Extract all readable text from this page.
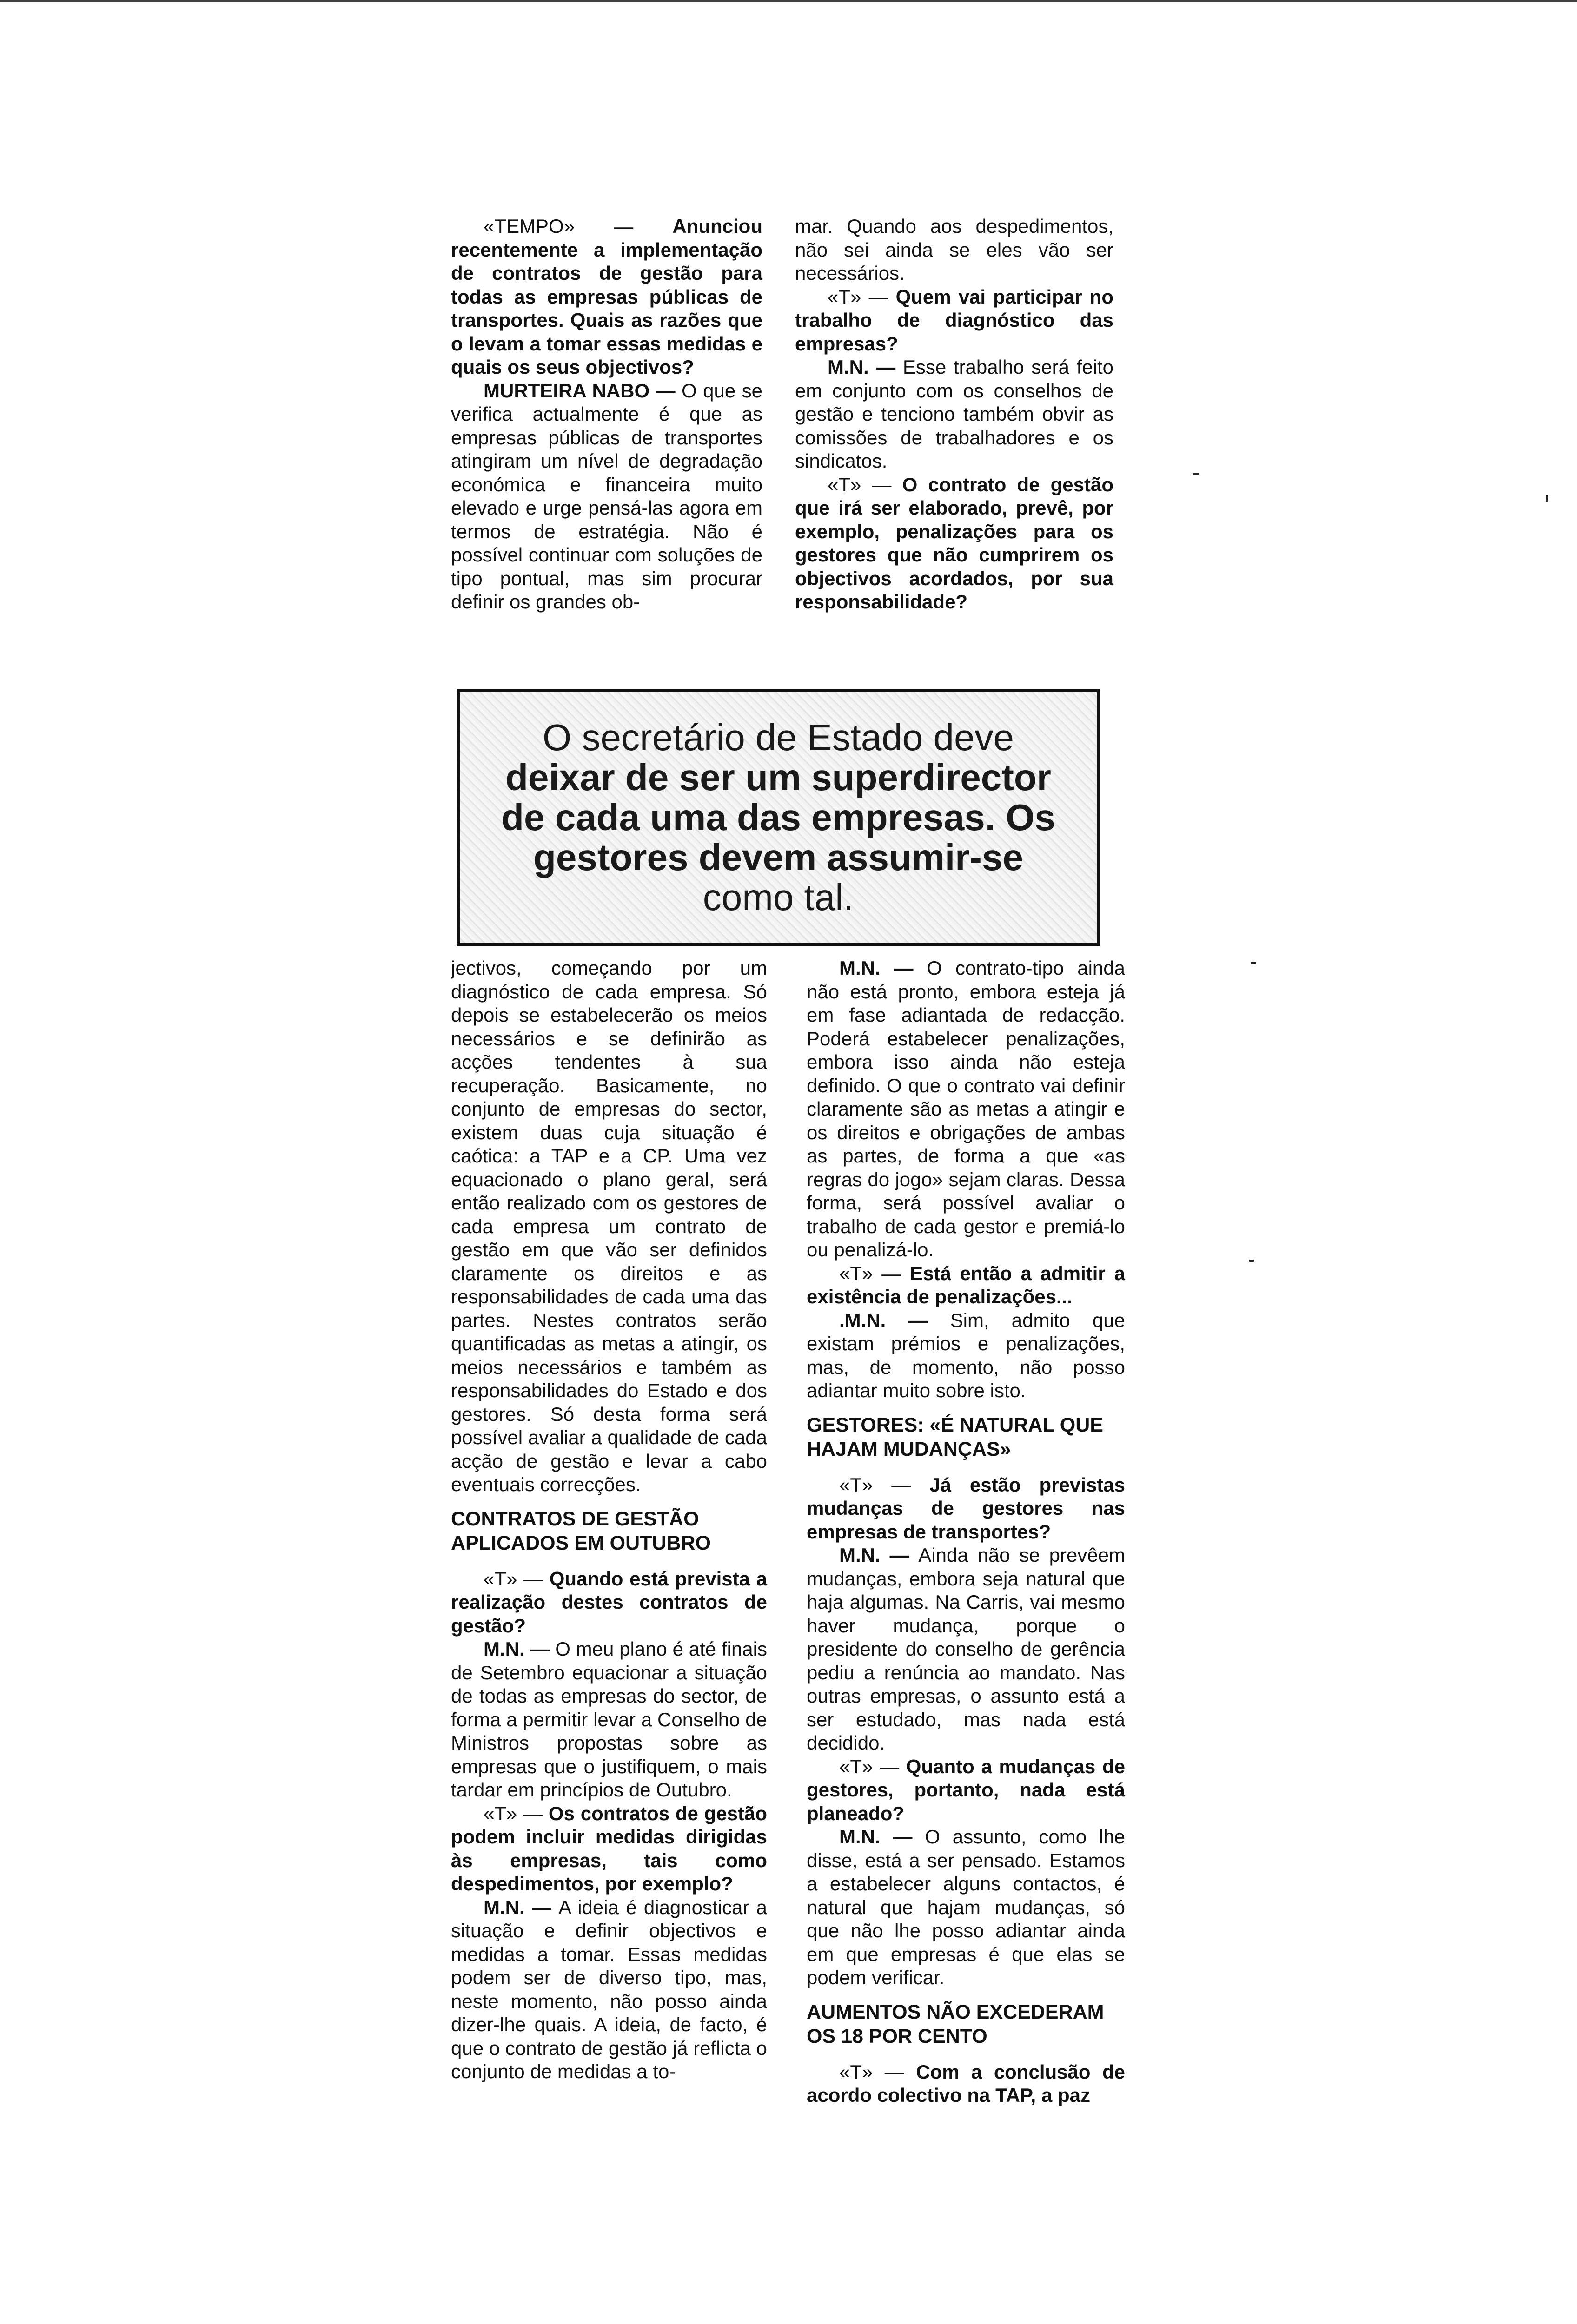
«TEMPO» — Anunciou recentemente a implementação de contratos de gestão para todas as empresas públicas de transportes. Quais as razões que o levam a tomar essas medidas e quais os seus objectivos?

MURTEIRA NABO — O que se verifica actualmente é que as empresas públicas de transportes atingiram um nível de degradação económica e financeira muito elevado e urge pensá-las agora em termos de estratégia. Não é possível continuar com soluções de tipo pontual, mas sim procurar definir os grandes ob-

mar. Quando aos despedimentos, não sei ainda se eles vão ser necessários.

«T» — Quem vai participar no trabalho de diagnóstico das empresas?

M.N. — Esse trabalho será feito em conjunto com os conselhos de gestão e tenciono também obvir as comissões de trabalhadores e os sindicatos.

«T» — O contrato de gestão que irá ser elaborado, prevê, por exemplo, penalizações para os gestores que não cumprirem os objectivos acordados, por sua responsabilidade?

O secretário de Estado deve
deixar de ser um superdirector
de cada uma das empresas. Os
gestores devem assumir-se
como tal.

jectivos, começando por um diagnóstico de cada empresa. Só depois se estabelecerão os meios necessários e se definirão as acções tendentes à sua recuperação. Basicamente, no conjunto de empresas do sector, existem duas cuja situação é caótica: a TAP e a CP. Uma vez equacionado o plano geral, será então realizado com os gestores de cada empresa um contrato de gestão em que vão ser definidos claramente os direitos e as responsabilidades de cada uma das partes. Nestes contratos serão quantificadas as metas a atingir, os meios necessários e também as responsabilidades do Estado e dos gestores. Só desta forma será possível avaliar a qualidade de cada acção de gestão e levar a cabo eventuais correcções.

CONTRATOS DE GESTÃO APLICADOS EM OUTUBRO

«T» — Quando está prevista a realização destes contratos de gestão?

M.N. — O meu plano é até finais de Setembro equacionar a situação de todas as empresas do sector, de forma a permitir levar a Conselho de Ministros propostas sobre as empresas que o justifiquem, o mais tardar em princípios de Outubro.

«T» — Os contratos de gestão podem incluir medidas dirigidas às empresas, tais como despedimentos, por exemplo?

M.N. — A ideia é diagnosticar a situação e definir objectivos e medidas a tomar. Essas medidas podem ser de diverso tipo, mas, neste momento, não posso ainda dizer-lhe quais. A ideia, de facto, é que o contrato de gestão já reflicta o conjunto de medidas a to-

M.N. — O contrato-tipo ainda não está pronto, embora esteja já em fase adiantada de redacção. Poderá estabelecer penalizações, embora isso ainda não esteja definido. O que o contrato vai definir claramente são as metas a atingir e os direitos e obrigações de ambas as partes, de forma a que «as regras do jogo» sejam claras. Dessa forma, será possível avaliar o trabalho de cada gestor e premiá-lo ou penalizá-lo.

«T» — Está então a admitir a existência de penalizações...

.M.N. — Sim, admito que existam prémios e penalizações, mas, de momento, não posso adiantar muito sobre isto.

GESTORES: «É NATURAL QUE HAJAM MUDANÇAS»

«T» — Já estão previstas mudanças de gestores nas empresas de transportes?

M.N. — Ainda não se prevêem mudanças, embora seja natural que haja algumas. Na Carris, vai mesmo haver mudança, porque o presidente do conselho de gerência pediu a renúncia ao mandato. Nas outras empresas, o assunto está a ser estudado, mas nada está decidido.

«T» — Quanto a mudanças de gestores, portanto, nada está planeado?

M.N. — O assunto, como lhe disse, está a ser pensado. Estamos a estabelecer alguns contactos, é natural que hajam mudanças, só que não lhe posso adiantar ainda em que empresas é que elas se podem verificar.

AUMENTOS NÃO EXCEDERAM OS 18 POR CENTO

«T» — Com a conclusão de acordo colectivo na TAP, a paz
